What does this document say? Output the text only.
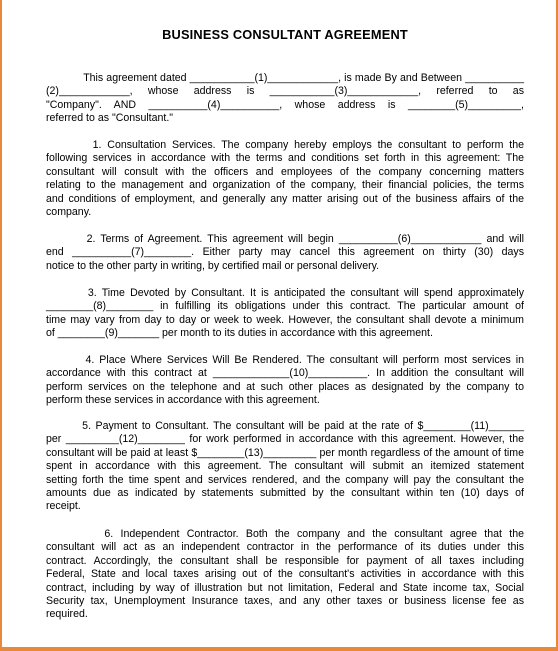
BUSINESS CONSULTANT AGREEMENT
This agreement dated ___________(1)____________, is made By and Between __________
(2)____________, whose address is ___________(3)____________, referred to as
"Company". AND __________(4)__________, whose address is ________(5)_________,
referred to as "Consultant."
1. Consultation Services. The company hereby employs the consultant to perform the
following services in accordance with the terms and conditions set forth in this agreement: The
consultant will consult with the officers and employees of the company concerning matters
relating to the management and organization of the company, their financial policies, the terms
and conditions of employment, and generally any matter arising out of the business affairs of the
company.
2. Terms of Agreement. This agreement will begin __________(6)____________ and will
end __________(7)________. Either party may cancel this agreement on thirty (30) days
notice to the other party in writing, by certified mail or personal delivery.
3. Time Devoted by Consultant. It is anticipated the consultant will spend approximately
________(8)________ in fulfilling its obligations under this contract. The particular amount of
time may vary from day to day or week to week. However, the consultant shall devote a minimum
of ________(9)_______ per month to its duties in accordance with this agreement.
4. Place Where Services Will Be Rendered. The consultant will perform most services in
accordance with this contract at _____________(10)__________. In addition the consultant will
perform services on the telephone and at such other places as designated by the company to
perform these services in accordance with this agreement.
5. Payment to Consultant. The consultant will be paid at the rate of $________(11)______
per _________(12)________ for work performed in accordance with this agreement. However, the
consultant will be paid at least $________(13)_________ per month regardless of the amount of time
spent in accordance with this agreement. The consultant will submit an itemized statement
setting forth the time spent and services rendered, and the company will pay the consultant the
amounts due as indicated by statements submitted by the consultant within ten (10) days of
receipt.
6. Independent Contractor. Both the company and the consultant agree that the
consultant will act as an independent contractor in the performance of its duties under this
contract. Accordingly, the consultant shall be responsible for payment of all taxes including
Federal, State and local taxes arising out of the consultant's activities in accordance with this
contract, including by way of illustration but not limitation, Federal and State income tax, Social
Security tax, Unemployment Insurance taxes, and any other taxes or business license fee as
required.
